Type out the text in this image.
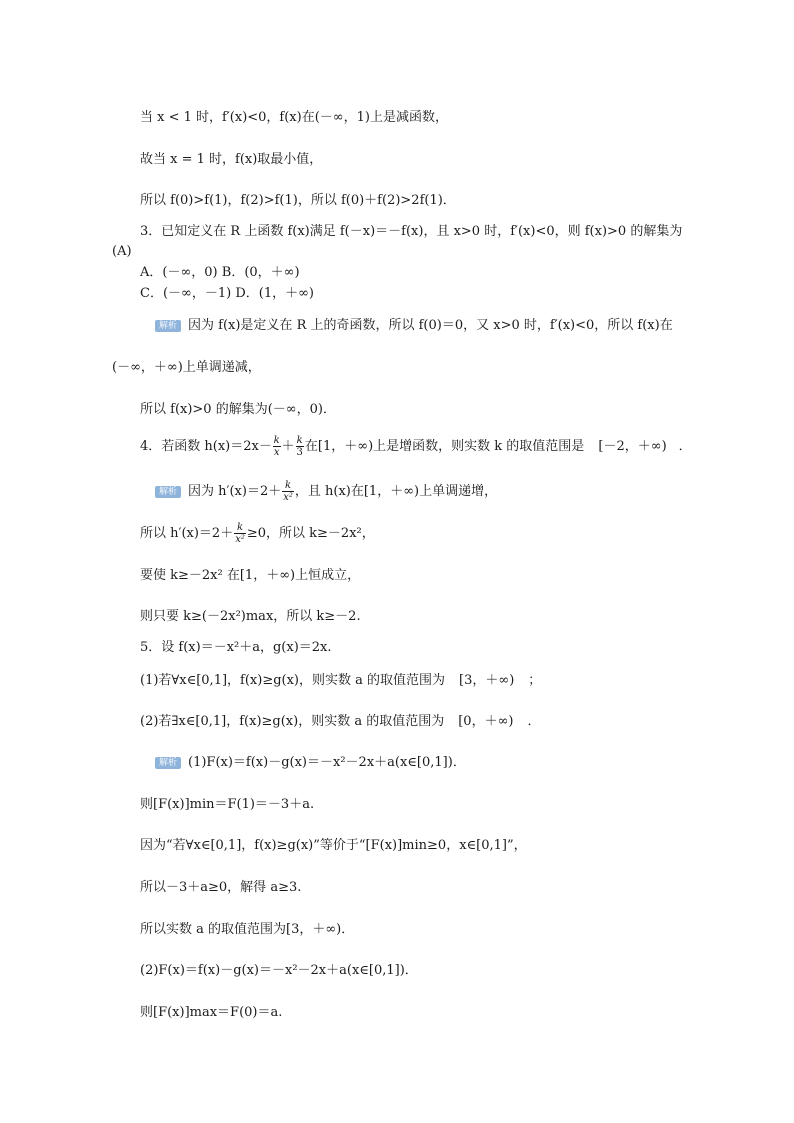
当 x < 1 时，f′(x)<0，f(x)在(－∞，1)上是减函数，
故当 x = 1 时，f(x)取最小值，
所以 f(0)>f(1)，f(2)>f(1)，所以 f(0)＋f(2)>2f(1)．
3．已知定义在 R 上函数 f(x)满足 f(－x)＝－f(x)，且 x>0 时，f′(x)<0，则 f(x)>0 的解集为
(A)
A．(－∞，0) B．(0，＋∞)
C．(－∞，－1) D．(1，＋∞)
解析 因为 f(x)是定义在 R 上的奇函数，所以 f(0)＝0，又 x>0 时，f′(x)<0，所以 f(x)在
(－∞，＋∞)上单调递减，
所以 f(x)>0 的解集为(－∞，0)．
4．若函数 $h(x)=2x- \frac{k}{x} + \frac{k}{3}$ 在[1，＋∞)上是增函数，则实数 k 的取值范围是 [－2，＋∞) ．
解析 因为 $h'(x)=2+ \frac{k}{\text{x²}}$ ，且 h(x)在[1，＋∞)上单调递增，
所以 $h'(x)=2+ \frac{k}{\text{x²}} \ge 0$，所以 k≥－2x²，
要使 k≥－2x² 在[1，＋∞)上恒成立，
则只要 k≥(－2x²)max，所以 k≥－2.
5．设 f(x)＝－x²＋a，g(x)＝2x.
(1)若∀x∈[0,1]，f(x)≥g(x)，则实数 a 的取值范围为 [3，＋∞) ；
(2)若∃x∈[0,1]，f(x)≥g(x)，则实数 a 的取值范围为 [0，＋∞) ．
解析 (1)F(x)＝f(x)－g(x)＝－x²－2x＋a(x∈[0,1])．
则[F(x)]min＝F(1)＝－3＋a.
因为“若∀x∈[0,1]，f(x)≥g(x)”等价于“[F(x)]min≥0，x∈[0,1]”，
所以－3＋a≥0，解得 a≥3.
所以实数 a 的取值范围为[3，＋∞)．
(2)F(x)＝f(x)－g(x)＝－x²－2x＋a(x∈[0,1])．
则[F(x)]max＝F(0)＝a.
